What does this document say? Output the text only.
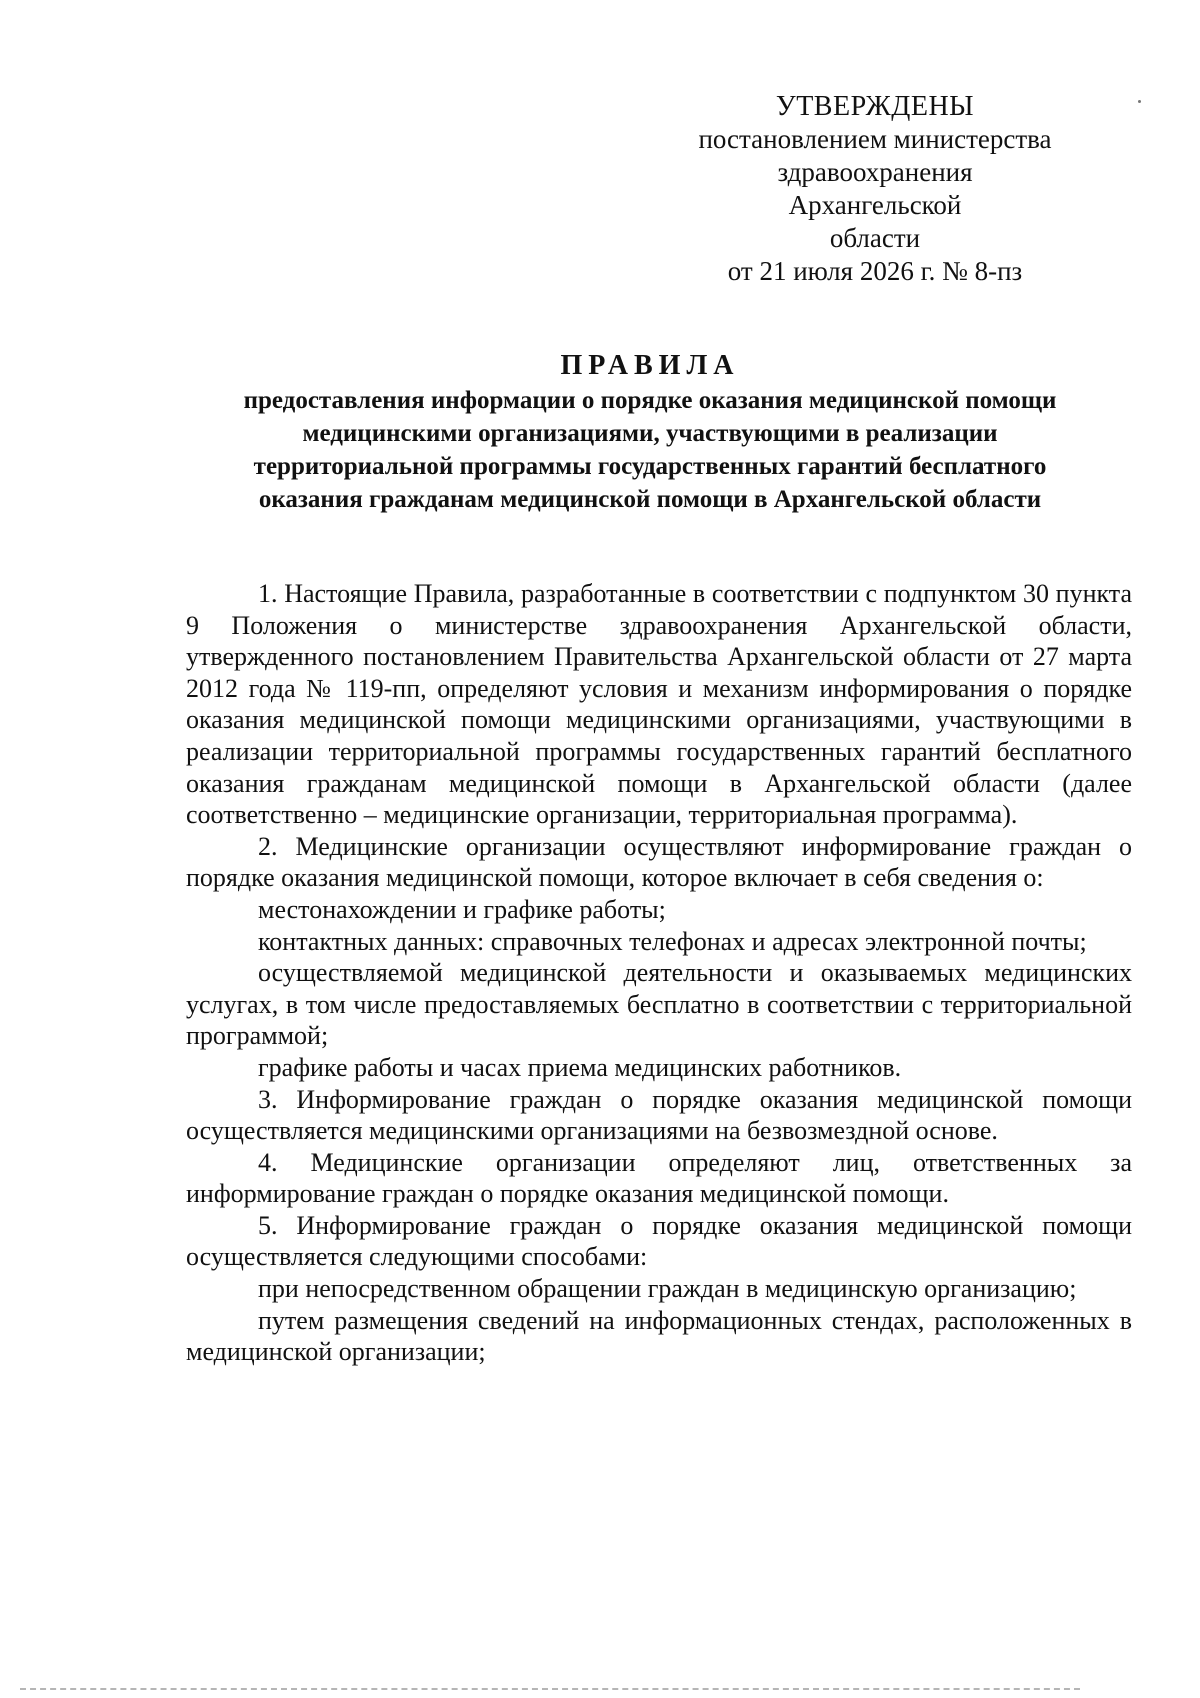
УТВЕРЖДЕНЫ
постановлением министерства
здравоохранения Архангельской
области
от 21 июля 2026 г. № 8-пз
ПРАВИЛА
предоставления информации о порядке оказания медицинской помощи
медицинскими организациями, участвующими в реализации
территориальной программы государственных гарантий бесплатного
оказания гражданам медицинской помощи в Архангельской области

1. Настоящие Правила, разработанные в соответствии с подпунктом 30 пункта 9 Положения о министерстве здравоохранения Архангельской области, утвержденного постановлением Правительства Архангельской области от 27 марта 2012 года № 119-пп, определяют условия и механизм информирования о порядке оказания медицинской помощи медицинскими организациями, участвующими в реализации территориальной программы государственных гарантий бесплатного оказания гражданам медицинской помощи в Архангельской области (далее соответственно – медицинские организации, территориальная программа).

2. Медицинские организации осуществляют информирование граждан о порядке оказания медицинской помощи, которое включает в себя сведения о:

местонахождении и графике работы;

контактных данных: справочных телефонах и адресах электронной почты;

осуществляемой медицинской деятельности и оказываемых медицинских услугах, в том числе предоставляемых бесплатно в соответствии с территориальной программой;

графике работы и часах приема медицинских работников.

3. Информирование граждан о порядке оказания медицинской помощи осуществляется медицинскими организациями на безвозмездной основе.

4. Медицинские организации определяют лиц, ответственных за информирование граждан о порядке оказания медицинской помощи.

5. Информирование граждан о порядке оказания медицинской помощи осуществляется следующими способами:

при непосредственном обращении граждан в медицинскую организацию;

путем размещения сведений на информационных стендах, расположенных в медицинской организации;
